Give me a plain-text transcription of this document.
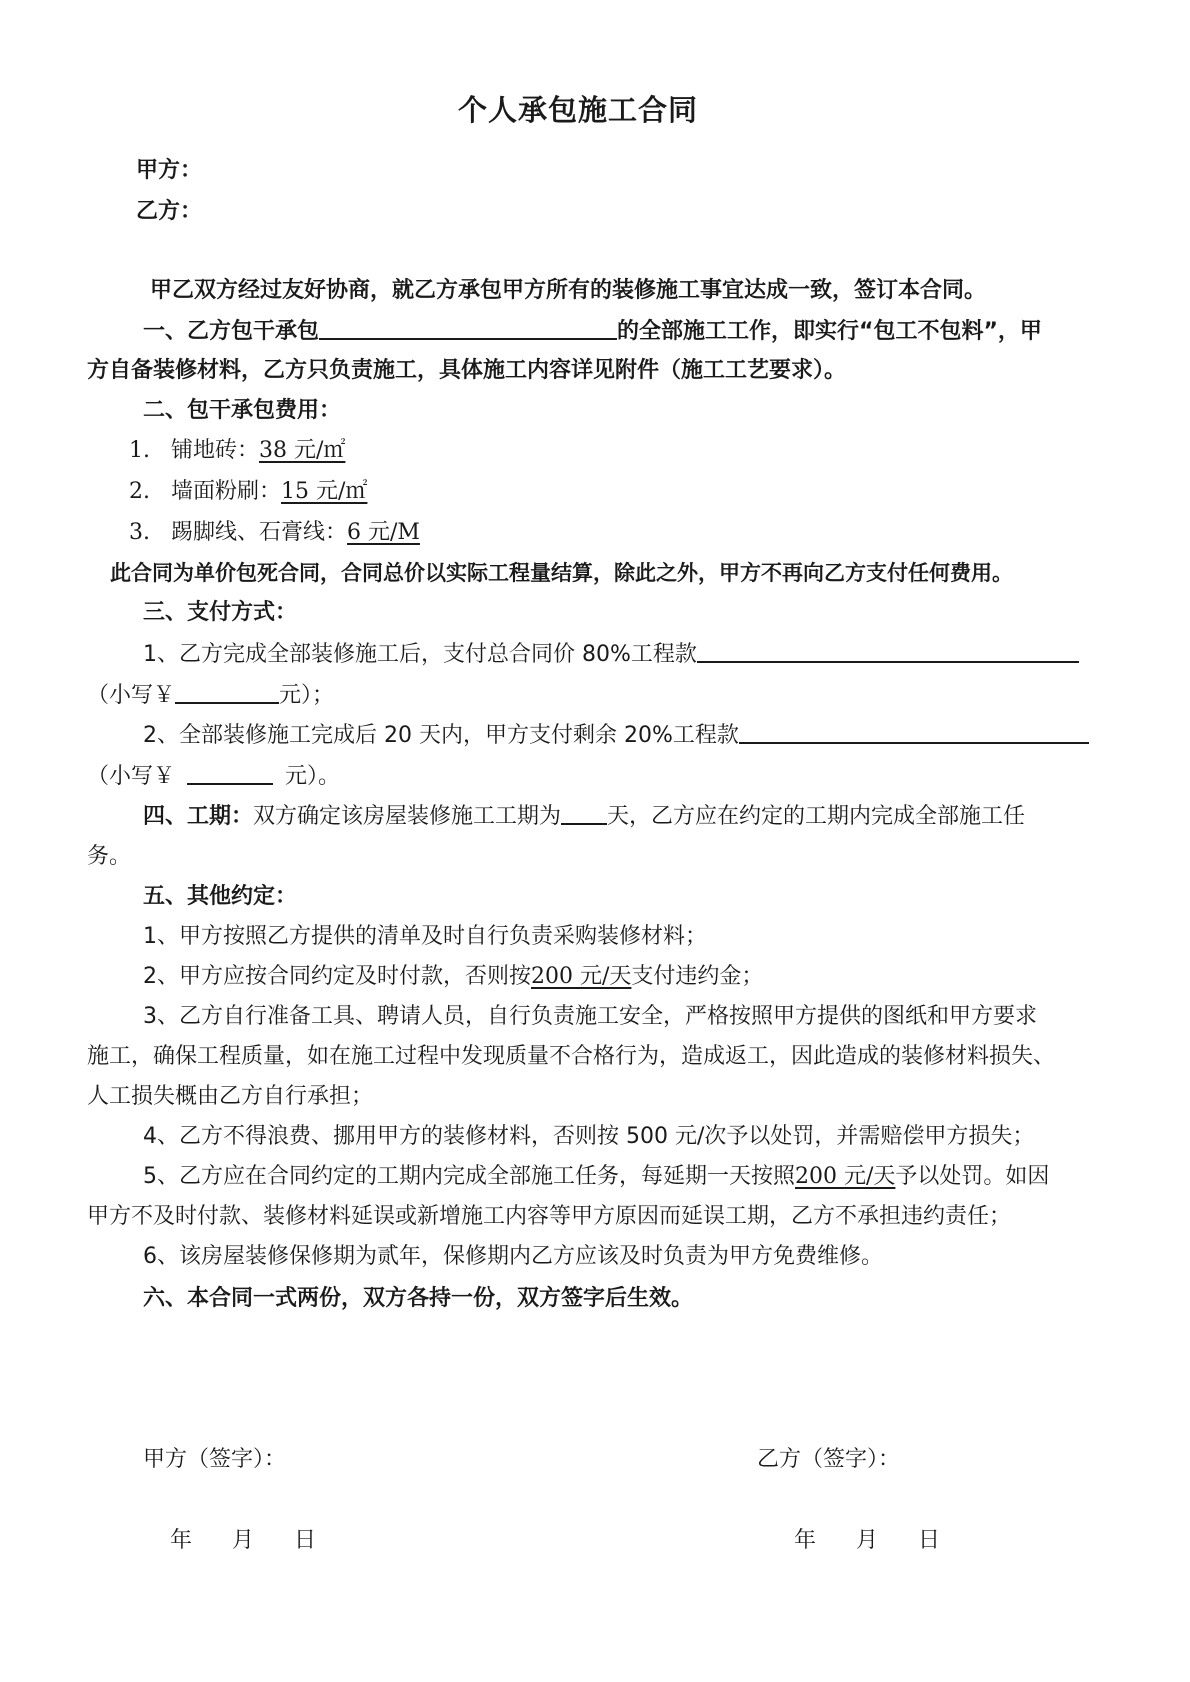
个人承包施工合同
甲方：
乙方：
甲乙双方经过友好协商，就乙方承包甲方所有的装修施工事宜达成一致，签订本合同。
一、乙方包干承包	的全部施工工作，即实行“包工不包料”，甲
方自备装修材料，乙方只负责施工，具体施工内容详见附件（施工工艺要求）。
二、包干承包费用：
1. 铺地砖：38 元/㎡
2. 墙面粉刷：15 元/㎡
3. 踢脚线、石膏线：6 元/M
此合同为单价包死合同，合同总价以实际工程量结算，除此之外，甲方不再向乙方支付任何费用。
三、支付方式：
1、乙方完成全部装修施工后，支付总合同价 80%工程款
（小写￥	元）；
2、全部装修施工完成后 20 天内，甲方支付剩余 20%工程款
（小写￥	元）。
四、工期：双方确定该房屋装修施工工期为 天，乙方应在约定的工期内完成全部施工任
务。
五、其他约定：
1、甲方按照乙方提供的清单及时自行负责采购装修材料；
2、甲方应按合同约定及时付款，否则按200 元/天支付违约金；
3、乙方自行准备工具、聘请人员，自行负责施工安全，严格按照甲方提供的图纸和甲方要求
施工，确保工程质量，如在施工过程中发现质量不合格行为，造成返工，因此造成的装修材料损失、
人工损失概由乙方自行承担；
4、乙方不得浪费、挪用甲方的装修材料，否则按 500 元/次予以处罚，并需赔偿甲方损失；
5、乙方应在合同约定的工期内完成全部施工任务，每延期一天按照200 元/天予以处罚。如因
甲方不及时付款、装修材料延误或新增施工内容等甲方原因而延误工期，乙方不承担违约责任；
6、该房屋装修保修期为贰年，保修期内乙方应该及时负责为甲方免费维修。
六、本合同一式两份，双方各持一份，双方签字后生效。
甲方（签字）：	乙方（签字）：
年 月 日	年 月 日
